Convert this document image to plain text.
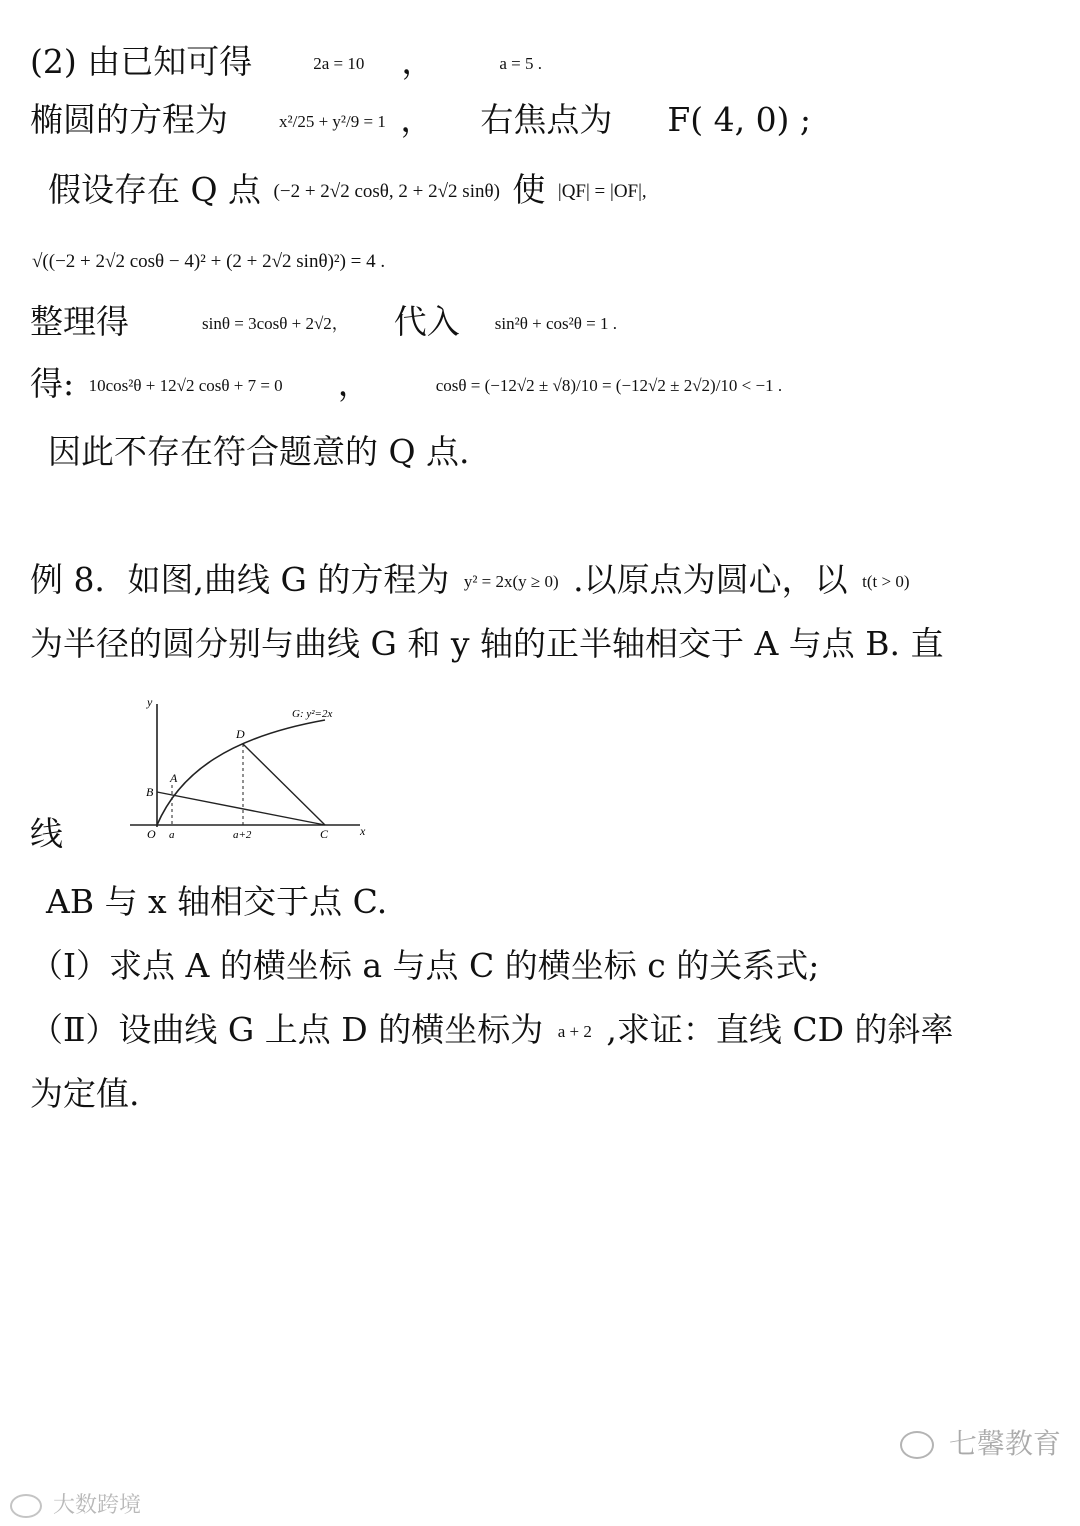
(2) 由已知可得	2a = 10 ，	a = 5 .
椭圆的方程为	x²/25 + y²/9 = 1 ， 右焦点为 F( 4, 0) ;
假设存在 Q 点 (−2 + 2√2 cosθ, 2 + 2√2 sinθ) 使 |QF| = |OF|,
√((−2 + 2√2 cosθ − 4)² + (2 + 2√2 sinθ)²) = 4 .
整理得	sinθ = 3cosθ + 2√2， 代入 sin²θ + cos²θ = 1 .
得: 10cos²θ + 12√2 cosθ + 7 = 0 ，	cosθ = (−12√2 ± √8)/10 = (−12√2 ± 2√2)/10 < −1 .
因此不存在符合题意的 Q 点.
例 8．如图,曲线 G 的方程为 y² = 2x(y ≥ 0) .以原点为圆心，以 t(t > 0)
为半径的圆分别与曲线 G 和 y 轴的正半轴相交于 A 与点 B. 直
线
y
x
G: y²=2x
D
B
A
O a	a+2	C
AB 与 x 轴相交于点 C.
（Ⅰ）求点 A 的横坐标 a 与点 C 的横坐标 c 的关系式;
（Ⅱ）设曲线 G 上点 D 的横坐标为 a + 2 ,求证：直线 CD 的斜率
为定值.
大数跨境
七馨教育
